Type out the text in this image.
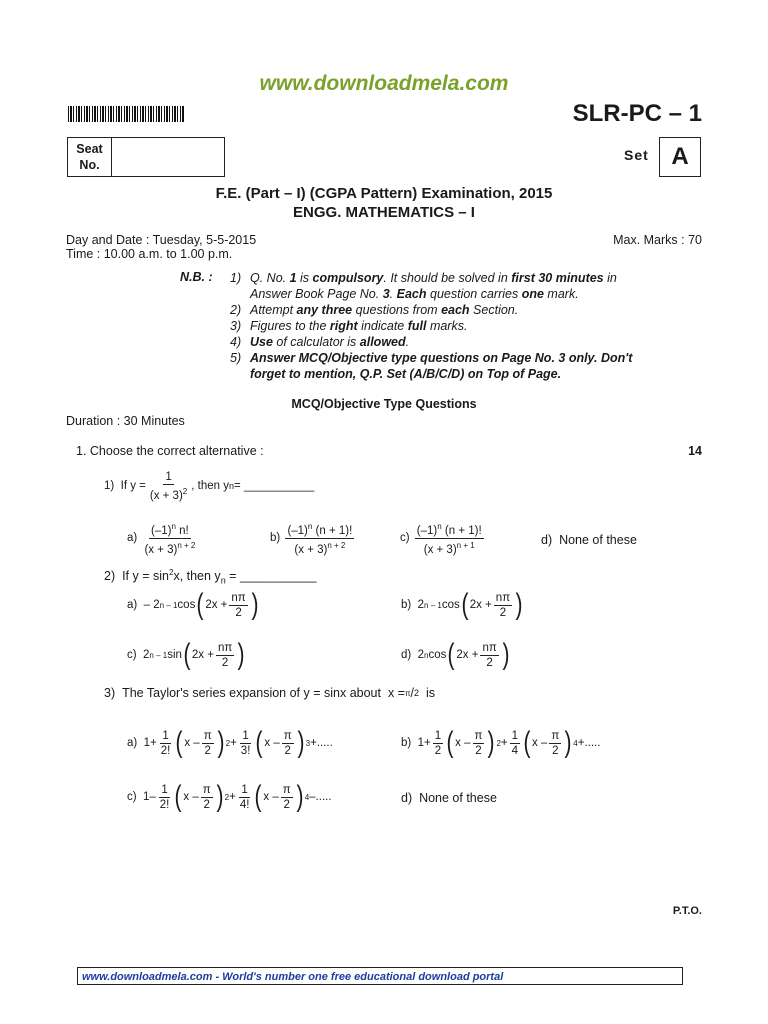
www.downloadmela.com
SLR-PC – 1
Seat No.
Set A
F.E. (Part – I) (CGPA Pattern) Examination, 2015
ENGG. MATHEMATICS – I
Day and Date : Tuesday, 5-5-2015
Time : 10.00 a.m. to 1.00 p.m.
Max. Marks : 70
N.B. : 1) Q. No. 1 is compulsory. It should be solved in first 30 minutes in
Answer Book Page No. 3. Each question carries one mark.
2) Attempt any three questions from each Section.
3) Figures to the right indicate full marks.
4) Use of calculator is allowed.
5) Answer MCQ/Objective type questions on Page No. 3 only. Don't
forget to mention, Q.P. Set (A/B/C/D) on Top of Page.
MCQ/Objective Type Questions
Duration : 30 Minutes
1. Choose the correct alternative :	14
1)
If $y = \frac{1}{(x + 3)^2}$ , then y n = ___________
a)
$\frac{(-1)^n n!}{(x + 3)^{n + 2}}$	b)
$\frac{(-1)^n (n + 1)!}{(x + 3)^{n + 2}}$	c)
$\frac{(-1)^n (n + 1)!}{(x + 3)^{n + 1}}$	d) None of these
2) If $y = \sin^2x$, then $y_n$ = ___________
a)
– 2 n – 1 cos ( $2x + \frac{n\pi}{2}$ )	b)
2 n – 1 cos ( $2x + \frac{n\pi}{2}$ )
c)
2 n – 1 sin ( $2x + \frac{n\pi}{2}$ )	d)
2 n cos ( $2x + \frac{n\pi}{2}$ )
3)
The Taylor's series expansion of y = sinx about
x = π / 2
is
a)
$1+ \frac{1}{2!}$ ( x – $\frac{\pi}{2}$ ) $2 + \frac{1}{3!}$ ( x – $\frac{\pi}{2}$ ) 3 +.....	b)
$1+ \frac{1}{2}$ ( x – $\frac{\pi}{2}$ ) $2 + \frac{1}{4}$ ( x – $\frac{\pi}{2}$ ) 4 +.....
c)
$1- \frac{1}{2!}$ ( x – $\frac{\pi}{2}$ ) $2 + \frac{1}{4!}$ ( x – $\frac{\pi}{2}$ ) 4 –.....	d) None of these
P.T.O.
www.downloadmela.com - World's number one free educational download portal
